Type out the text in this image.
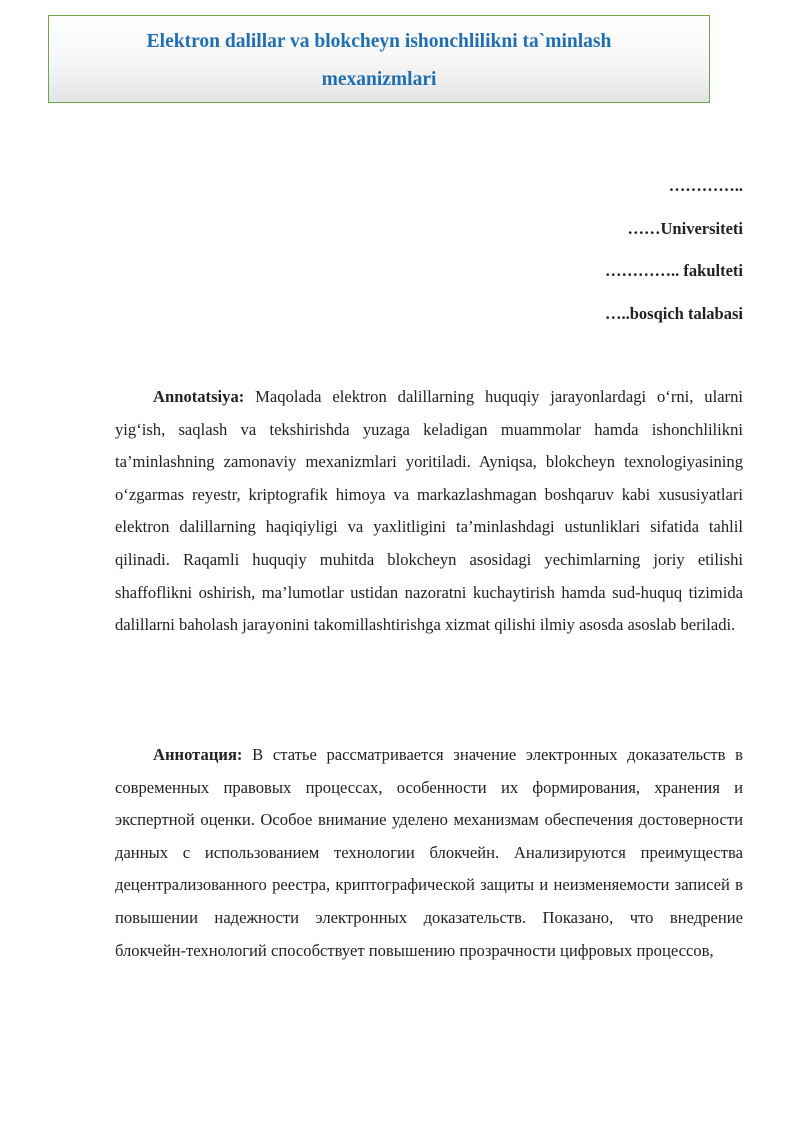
Elektron dalillar va blokcheyn ishonchlilikni ta`minlash
mexanizmlari
…………..
……Universiteti
………….. fakulteti
…..bosqich talabasi

Annotatsiya: Maqolada elektron dalillarning huquqiy jarayonlardagi o‘rni, ularni yig‘ish, saqlash va tekshirishda yuzaga keladigan muammolar hamda ishonchlilikni ta’minlashning zamonaviy mexanizmlari yoritiladi. Ayniqsa, blokcheyn texnologiyasining o‘zgarmas reyestr, kriptografik himoya va markazlashmagan boshqaruv kabi xususiyatlari elektron dalillarning haqiqiyligi va yaxlitligini ta’minlashdagi ustunliklari sifatida tahlil qilinadi. Raqamli huquqiy muhitda blokcheyn asosidagi yechimlarning joriy etilishi shaffoflikni oshirish, ma’lumotlar ustidan nazoratni kuchaytirish hamda sud-huquq tizimida dalillarni baholash jarayonini takomillashtirishga xizmat qilishi ilmiy asosda asoslab beriladi.

Аннотация: В статье рассматривается значение электронных доказательств в современных правовых процессах, особенности их формирования, хранения и экспертной оценки. Особое внимание уделено механизмам обеспечения достоверности данных с использованием технологии блокчейн. Анализируются преимущества децентрализованного реестра, криптографической защиты и неизменяемости записей в повышении надежности электронных доказательств. Показано, что внедрение блокчейн-технологий способствует повышению прозрачности цифровых процессов,
